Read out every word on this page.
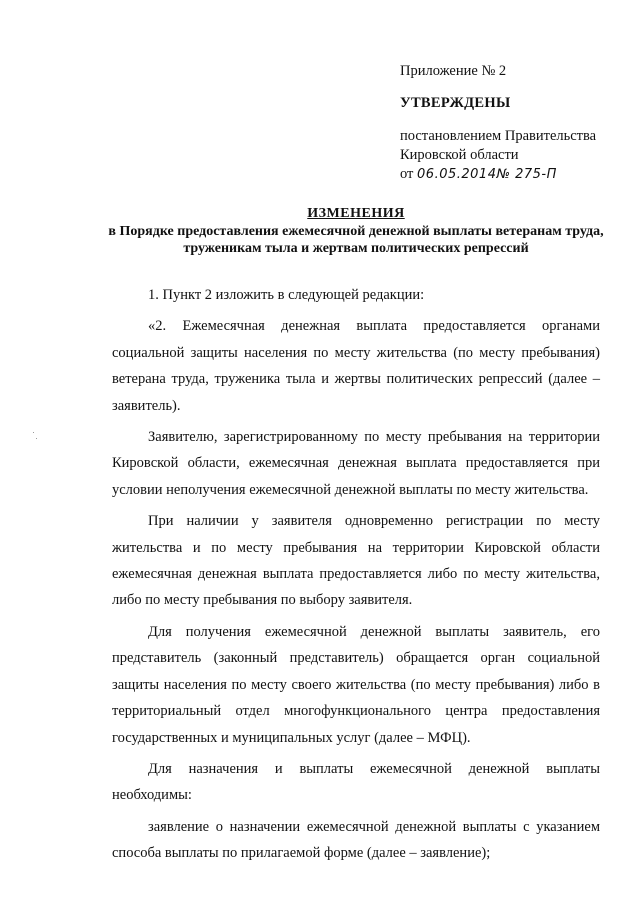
Приложение № 2

УТВЕРЖДЕНЫ

постановлением Правительства

Кировской области

от 06.05.2014№ 275-П

ИЗМЕНЕНИЯ
в Порядке предоставления ежемесячной денежной выплаты ветеранам труда, труженикам тыла и жертвам политических репрессий

1. Пункт 2 изложить в следующей редакции:

«2. Ежемесячная денежная выплата предоставляется органами социальной защиты населения по месту жительства (по месту пребывания) ветерана труда, труженика тыла и жертвы политических репрессий (далее – заявитель).

Заявителю, зарегистрированному по месту пребывания на территории Кировской области, ежемесячная денежная выплата предоставляется при условии неполучения ежемесячной денежной выплаты по месту жительства.

При наличии у заявителя одновременно регистрации по месту жительства и по месту пребывания на территории Кировской области ежемесячная денежная выплата предоставляется либо по месту жительства, либо по месту пребывания по выбору заявителя.

Для получения ежемесячной денежной выплаты заявитель, его представитель (законный представитель) обращается орган социальной защиты населения по месту своего жительства (по месту пребывания) либо в территориальный отдел многофункционального центра предоставления государственных и муниципальных услуг (далее – МФЦ).

Для назначения и выплаты ежемесячной денежной выплаты необходимы:

заявление о назначении ежемесячной денежной выплаты с указанием способа выплаты по прилагаемой форме (далее – заявление);
